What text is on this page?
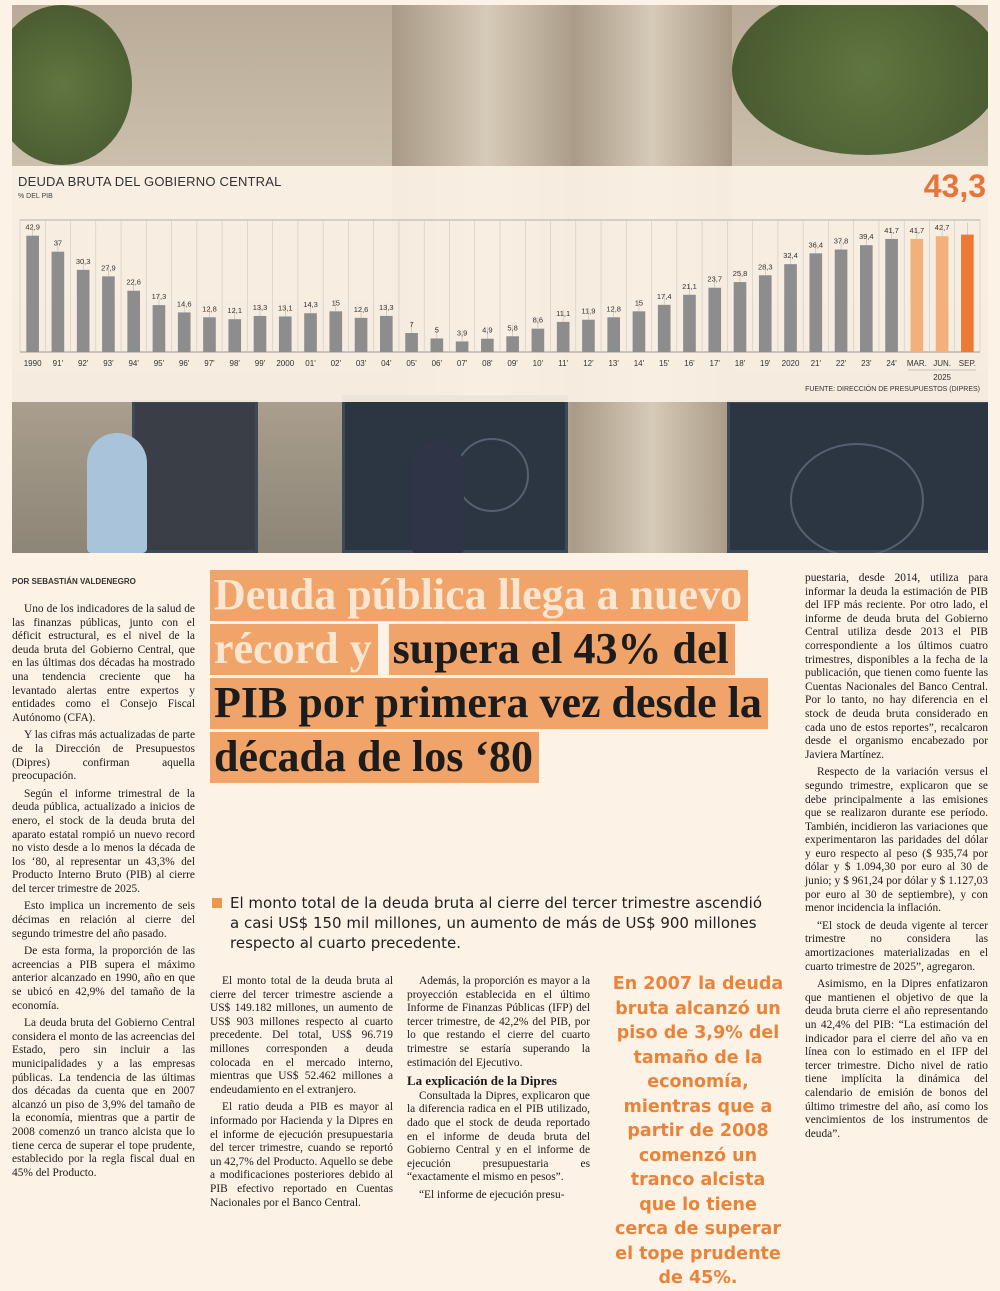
DEUDA BRUTA DEL GOBIERNO CENTRAL
% DEL PIB	43,3
42,9
1990
37
91'
30,3
92'
27,9
93'
22,6
94'
17,3
95'
14,6
96'
12,8
97'
12,1
98'
13,3
99'
13,1
2000
14,3
01'
15
02'
12,6
03'
13,3
04'
7
05'
5
06'
3,9
07'
4,9
08'
5,8
09'
8,6
10'
11,1
11'
11,9
12'
12,8
13'
15
14'
17,4
15'
21,1
16'
23,7
17'
25,8
18'
28,3
19'
32,4
2020
36,4
21'
37,8
22'
39,4
23'
41,7
24'
41,7
MAR.
42,7
JUN. SEP.
2025
FUENTE: DIRECCIÓN DE PRESUPUESTOS (DIPRES)
POR SEBASTIÁN VALDENEGRO

Uno de los indicadores de la salud de las finanzas públicas, junto con el déficit estructural, es el nivel de la deuda bruta del Gobierno Central, que en las últimas dos décadas ha mostrado una tendencia creciente que ha levantado alertas entre expertos y entidades como el Consejo Fiscal Autónomo (CFA).

Y las cifras más actualizadas de parte de la Dirección de Presupuestos (Dipres) confirman aquella preocupación.

Según el informe trimestral de la deuda pública, actualizado a inicios de enero, el stock de la deuda bruta del aparato estatal rompió un nuevo record no visto desde a lo menos la década de los ‘80, al representar un 43,3% del Producto Interno Bruto (PIB) al cierre del tercer trimestre de 2025.

Esto implica un incremento de seis décimas en relación al cierre del segundo trimestre del año pasado.

De esta forma, la proporción de las acreencias a PIB supera el máximo anterior alcanzado en 1990, año en que se ubicó en 42,9% del tamaño de la economía.

La deuda bruta del Gobierno Central considera el monto de las acreencias del Estado, pero sin incluir a las municipalidades y a las empresas públicas. La tendencia de las últimas dos décadas da cuenta que en 2007 alcanzó un piso de 3,9% del tamaño de la economía, mientras que a partir de 2008 comenzó un tranco alcista que lo tiene cerca de superar el tope prudente, establecido por la regla fiscal dual en 45% del Producto.

Deuda pública llega a nuevo récord y supera el 43% del PIB por primera vez desde la década de los ‘80
El monto total de la deuda bruta al cierre del tercer trimestre ascendió a casi US$ 150 mil millones, un aumento de más de US$ 900 millones respecto al cuarto precedente.

El monto total de la deuda bruta al cierre del tercer trimestre asciende a US$ 149.182 millones, un aumento de US$ 903 millones respecto al cuarto precedente. Del total, US$ 96.719 millones corresponden a deuda colocada en el mercado interno, mientras que US$ 52.462 millones a endeudamiento en el extranjero.

El ratio deuda a PIB es mayor al informado por Hacienda y la Dipres en el informe de ejecución presupuestaria del tercer trimestre, cuando se reportó un 42,7% del Producto. Aquello se debe a modificaciones posteriores debido al PIB efectivo reportado en Cuentas Nacionales por el Banco Central.

Además, la proporción es mayor a la proyección establecida en el último Informe de Finanzas Públicas (IFP) del tercer trimestre, de 42,2% del PIB, por lo que restando el cierre del cuarto trimestre se estaría superando la estimación del Ejecutivo.

La explicación de la Dipres

Consultada la Dipres, explicaron que la diferencia radica en el PIB utilizado, dado que el stock de deuda reportado en el informe de deuda bruta del Gobierno Central y en el informe de ejecución presupuestaria es “exactamente el mismo en pesos”.

“El informe de ejecución presu-

En 2007 la deuda bruta alcanzó un piso de 3,9% del tamaño de la economía, mientras que a partir de 2008 comenzó un tranco alcista que lo tiene cerca de superar el tope prudente de 45%.

puestaria, desde 2014, utiliza para informar la deuda la estimación de PIB del IFP más reciente. Por otro lado, el informe de deuda bruta del Gobierno Central utiliza desde 2013 el PIB correspondiente a los últimos cuatro trimestres, disponibles a la fecha de la publicación, que tienen como fuente las Cuentas Nacionales del Banco Central. Por lo tanto, no hay diferencia en el stock de deuda bruta considerado en cada uno de estos reportes”, recalcaron desde el organismo encabezado por Javiera Martínez.

Respecto de la variación versus el segundo trimestre, explicaron que se debe principalmente a las emisiones que se realizaron durante ese período. También, incidieron las variaciones que experimentaron las paridades del dólar y euro respecto al peso ($ 935,74 por dólar y $ 1.094,30 por euro al 30 de junio; y $ 961,24 por dólar y $ 1.127,03 por euro al 30 de septiembre), y con menor incidencia la inflación.

“El stock de deuda vigente al tercer trimestre no considera las amortizaciones materializadas en el cuarto trimestre de 2025”, agregaron.

Asimismo, en la Dipres enfatizaron que mantienen el objetivo de que la deuda bruta cierre el año representando un 42,4% del PIB: “La estimación del indicador para el cierre del año va en línea con lo estimado en el IFP del tercer trimestre. Dicho nivel de ratio tiene implícita la dinámica del calendario de emisión de bonos del último trimestre del año, así como los vencimientos de los instrumentos de deuda”.
